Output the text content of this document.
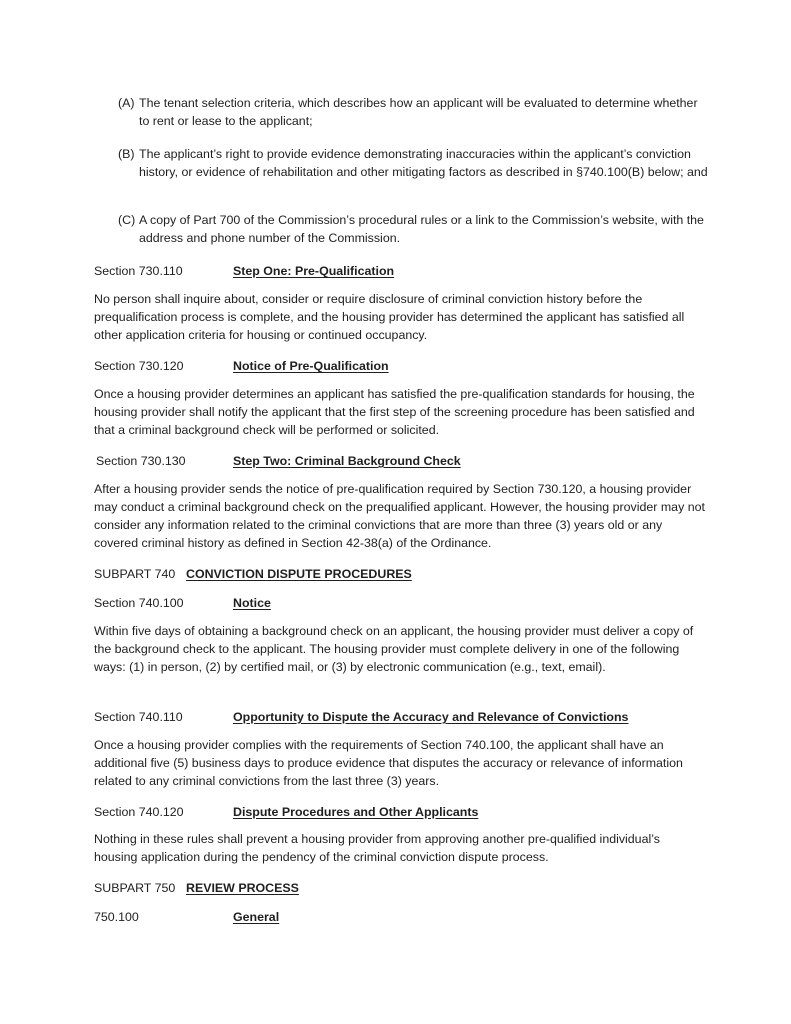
(A) The tenant selection criteria, which describes how an applicant will be evaluated to determine whether to rent or lease to the applicant;
(B) The applicant’s right to provide evidence demonstrating inaccuracies within the applicant’s conviction history, or evidence of rehabilitation and other mitigating factors as described in §740.100(B) below; and
(C) A copy of Part 700 of the Commission’s procedural rules or a link to the Commission’s website, with the address and phone number of the Commission.
Section 730.110	Step One: Pre-Qualification
No person shall inquire about, consider or require disclosure of criminal conviction history before the prequalification process is complete, and the housing provider has determined the applicant has satisfied all other application criteria for housing or continued occupancy.
Section 730.120	Notice of Pre-Qualification
Once a housing provider determines an applicant has satisfied the pre-qualification standards for housing, the housing provider shall notify the applicant that the first step of the screening procedure has been satisfied and that a criminal background check will be performed or solicited.
Section 730.130	Step Two: Criminal Background Check
After a housing provider sends the notice of pre-qualification required by Section 730.120, a housing provider may conduct a criminal background check on the prequalified applicant. However, the housing provider may not consider any information related to the criminal convictions that are more than three (3) years old or any covered criminal history as defined in Section 42-38(a) of the Ordinance.
SUBPART 740 CONVICTION DISPUTE PROCEDURES
Section 740.100	Notice
Within five days of obtaining a background check on an applicant, the housing provider must deliver a copy of the background check to the applicant. The housing provider must complete delivery in one of the following ways: (1) in person, (2) by certified mail, or (3) by electronic communication (e.g., text, email).
Section 740.110	Opportunity to Dispute the Accuracy and Relevance of Convictions
Once a housing provider complies with the requirements of Section 740.100, the applicant shall have an additional five (5) business days to produce evidence that disputes the accuracy or relevance of information related to any criminal convictions from the last three (3) years.
Section 740.120	Dispute Procedures and Other Applicants
Nothing in these rules shall prevent a housing provider from approving another pre-qualified individual’s housing application during the pendency of the criminal conviction dispute process.
SUBPART 750 REVIEW PROCESS
750.100	General
